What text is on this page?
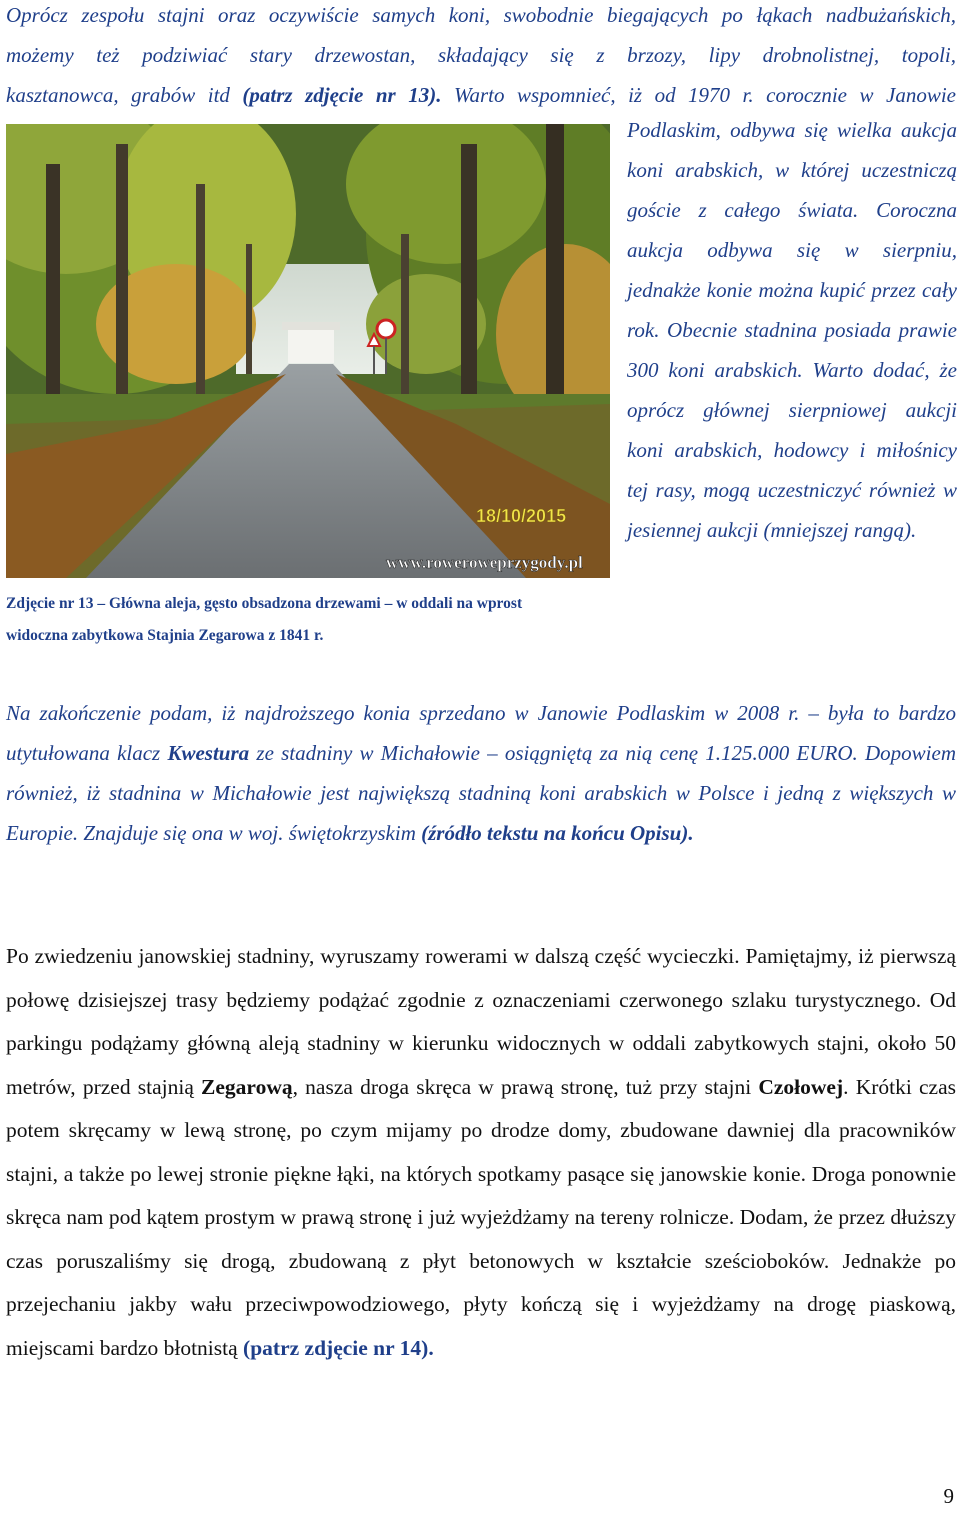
Oprócz zespołu stajni oraz oczywiście samych koni, swobodnie biegających po łąkach nadbużańskich,
możemy też podziwiać stary drzewostan, składający się z brzozy, lipy drobnolistnej, topoli,
kasztanowca, grabów itd (patrz zdjęcie nr 13). Warto wspomnieć, iż od 1970 r. corocznie w Janowie
18/10/2015
www.roweroweprzygody.pl

Podlaskim, odbywa się wielka aukcja koni arabskich, w której uczestniczą goście z całego świata. Coroczna aukcja odbywa się w sierpniu, jednakże konie można kupić przez cały rok. Obecnie stadnina posiada prawie 300 koni arabskich. Warto dodać, że oprócz głównej sierpniowej aukcji koni arabskich, hodowcy i miłośnicy tej rasy, mogą uczestniczyć również w jesiennej aukcji (mniejszej rangą).

Zdjęcie nr 13 – Główna aleja, gęsto obsadzona drzewami – w oddali na wprost
widoczna zabytkowa Stajnia Zegarowa z 1841 r.

Na zakończenie podam, iż najdroższego konia sprzedano w Janowie Podlaskim w 2008 r. – była to bardzo utytułowana klacz Kwestura ze stadniny w Michałowie – osiągniętą za nią cenę 1.125.000 EURO. Dopowiem również, iż stadnina w Michałowie jest największą stadniną koni arabskich w Polsce i jedną z większych w Europie. Znajduje się ona w woj. świętokrzyskim (źródło tekstu na końcu Opisu).

Po zwiedzeniu janowskiej stadniny, wyruszamy rowerami w dalszą część wycieczki. Pamiętajmy, iż pierwszą połowę dzisiejszej trasy będziemy podążać zgodnie z oznaczeniami czerwonego szlaku turystycznego. Od parkingu podążamy główną aleją stadniny w kierunku widocznych w oddali zabytkowych stajni, około 50 metrów, przed stajnią Zegarową, nasza droga skręca w prawą stronę, tuż przy stajni Czołowej. Krótki czas potem skręcamy w lewą stronę, po czym mijamy po drodze domy, zbudowane dawniej dla pracowników stajni, a także po lewej stronie piękne łąki, na których spotkamy pasące się janowskie konie. Droga ponownie skręca nam pod kątem prostym w prawą stronę i już wyjeżdżamy na tereny rolnicze. Dodam, że przez dłuższy czas poruszaliśmy się drogą, zbudowaną z płyt betonowych w kształcie sześcioboków. Jednakże po przejechaniu jakby wału przeciwpowodziowego, płyty kończą się i wyjeżdżamy na drogę piaskową, miejscami bardzo błotnistą (patrz zdjęcie nr 14).

9
